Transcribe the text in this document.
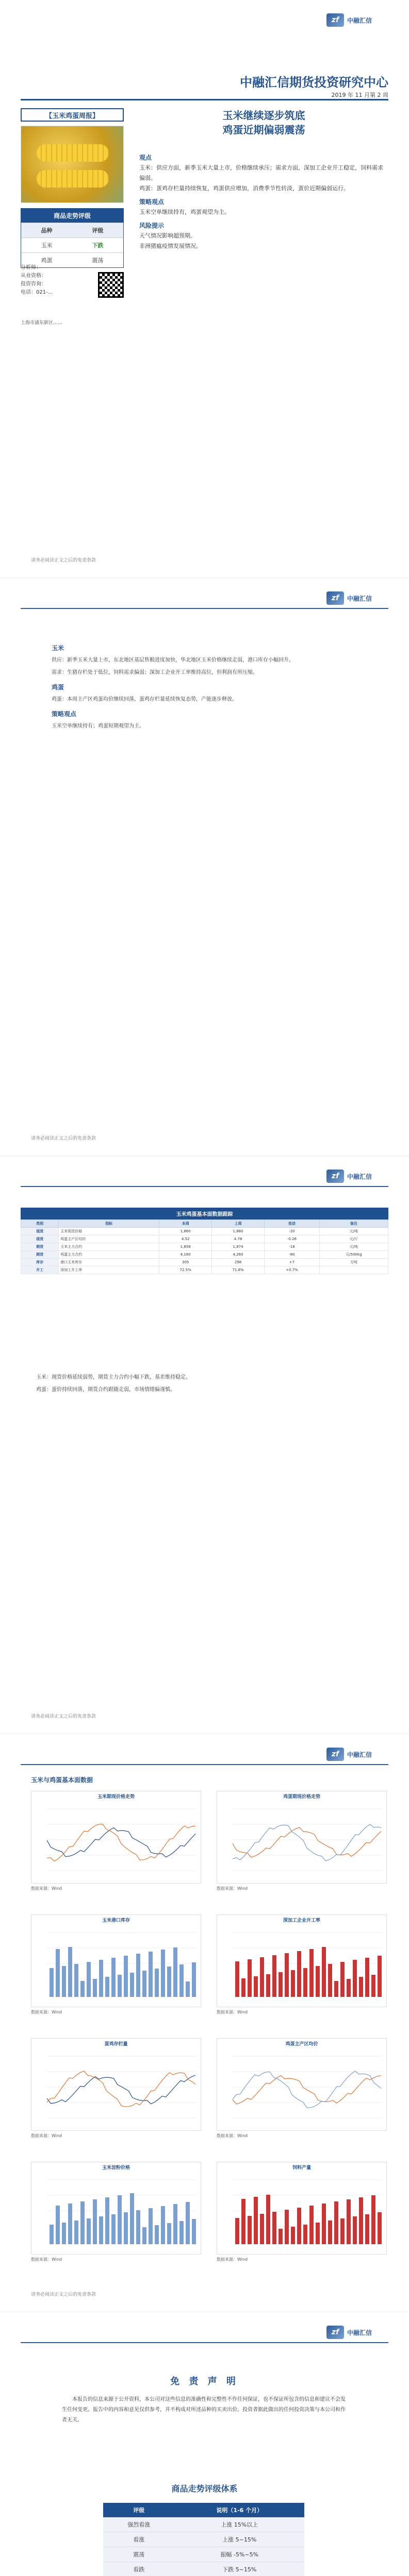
zf	中融汇信
中融汇信期货投资研究中心
2019 年 11 月第 2 周
【玉米鸡蛋周报】
商品走势评级
品种	评级
玉米	下跌
鸡蛋	震荡
分析师：
从业资格：
投资咨询：
电话：021-...
上海市浦东新区……
玉米继续逐步筑底
鸡蛋近期偏弱震荡
观点

玉米：供应方面，新季玉米大量上市，价格继续承压；需求方面，深加工企业开工稳定，饲料需求偏弱。

鸡蛋：蛋鸡存栏量持续恢复，鸡蛋供应增加，消费季节性转淡，蛋价近期偏弱运行。

策略观点

玉米空单继续持有，鸡蛋观望为主。

风险提示

天气情况影响超预期。

非洲猪瘟疫情发展情况。

请务必阅读正文之后的免责条款
zf	中融汇信
玉米

供应：新季玉米大量上市，东北地区基层售粮进度加快，华北地区玉米价格继续走弱，港口库存小幅回升。

需求：生猪存栏处于低位，饲料需求偏弱；深加工企业开工率维持高位，但利润有所压缩。

鸡蛋

鸡蛋：本周主产区鸡蛋均价继续回落，蛋鸡存栏量延续恢复态势，产能逐步释放。

策略观点

玉米空单继续持有；鸡蛋短期观望为主。

请务必阅读正文之后的免责条款
zf	中融汇信
玉米鸡蛋基本面数据跟踪
类别	指标	本周	上周	变动	备注
现货	玉米现货价格	1,860	1,880	-20	元/吨
现货	鸡蛋主产区均价	4.52	4.78	-0.26	元/斤
期货	玉米主力合约	1,856	1,874	-18	元/吨
期货	鸡蛋主力合约	4,180	4,260	-80	元/500kg
库存	港口玉米库存	305	298	+7	万吨
开工	深加工开工率	72.5%	71.8%	+0.7%	

玉米：现货价格延续弱势，期货主力合约小幅下跌，基差维持稳定。

鸡蛋：蛋价持续回落，期货合约跟随走弱，市场情绪偏谨慎。

请务必阅读正文之后的免责条款
zf	中融汇信
玉米与鸡蛋基本面数据
玉米期现价格走势
数据来源：Wind
鸡蛋期现价格走势
数据来源：Wind
玉米港口库存
数据来源：Wind
深加工企业开工率
数据来源：Wind
蛋鸡存栏量
数据来源：Wind
鸡蛋主产区均价
数据来源：Wind
玉米淀粉价格
数据来源：Wind
饲料产量
数据来源：Wind
请务必阅读正文之后的免责条款
zf	中融汇信
免 责 声 明
本报告的信息来源于公开资料，本公司对这些信息的准确性和完整性不作任何保证，也不保证所包含的信息和建议不会发生任何变更。报告中的内容和意见仅供参考，并不构成对所述品种的买卖出价。投资者据此做出的任何投资决策与本公司和作者无关。
商品走势评级体系
评级	说明（1-6 个月）
强烈看涨	上涨 15%以上
看涨	上涨 5~15%
震荡	振幅 -5%~5%
看跌	下跌 5~15%
